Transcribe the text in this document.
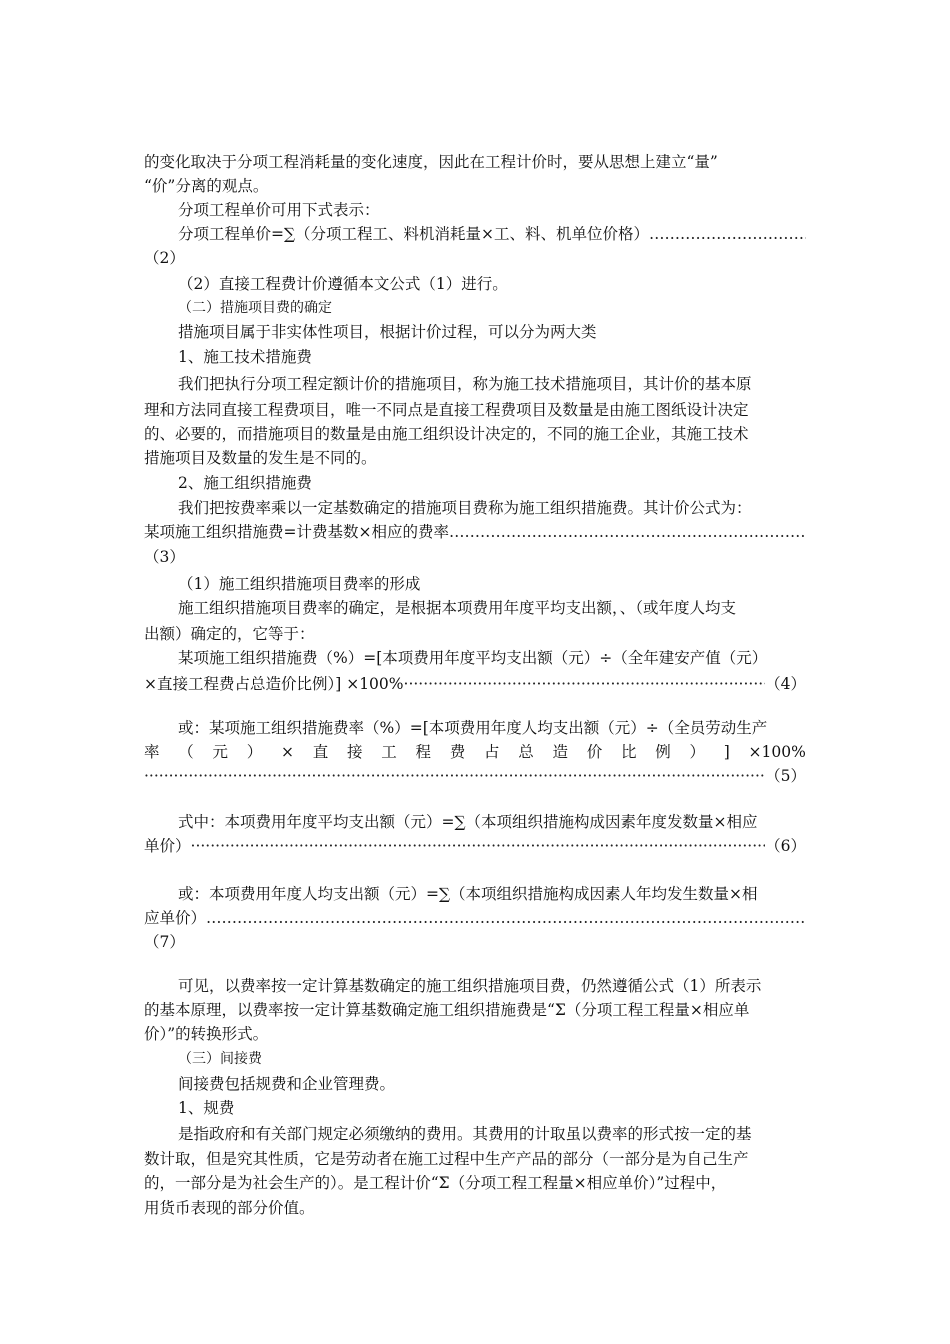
的变化取决于分项工程消耗量的变化速度，因此在工程计价时，要从思想上建立“量”
“价”分离的观点。
分项工程单价可用下式表示：
分项工程单价=∑（分项工程工、料机消耗量×工、料、机单位价格）
……………………………………………………………………………………………………………………………………………………………………………………………………………………
（2）
（2）直接工程费计价遵循本文公式（1）进行。
（二）措施项目费的确定
措施项目属于非实体性项目，根据计价过程，可以分为两大类
1、施工技术措施费
我们把执行分项工程定额计价的措施项目，称为施工技术措施项目，其计价的基本原
理和方法同直接工程费项目，唯一不同点是直接工程费项目及数量是由施工图纸设计决定
的、必要的，而措施项目的数量是由施工组织设计决定的，不同的施工企业，其施工技术
措施项目及数量的发生是不同的。
2、施工组织措施费
我们把按费率乘以一定基数确定的措施项目费称为施工组织措施费。其计价公式为：
某项施工组织措施费=计费基数×相应的费率
……………………………………………………………………………………………………………………………………………………………………………………………………………………
（3）
（1）施工组织措施项目费率的形成
施工组织措施项目费率的确定，是根据本项费用年度平均支出额，、（或年度人均支
出额）确定的，它等于：
某项施工组织措施费（%）=[本项费用年度平均支出额（元）÷（全年建安产值（元）
×直接工程费占总造价比例）] ×100% ·····	（4）
或：某项施工组织措施费率（%）=[本项费用年度人均支出额（元）÷（全员劳动生产
率 （ 元 ） × 直 接 工 程 费 占 总 造 价 比 例 ） ] ×100%
·····
（5）
式中：本项费用年度平均支出额（元）=∑（本项组织措施构成因素年度发数量×相应
单价） ·····	（6）
或：本项费用年度人均支出额（元）=∑（本项组织措施构成因素人年均发生数量×相
应单价）
……………………………………………………………………………………………………………………………………………………………………………………………………………………
（7）
可见，以费率按一定计算基数确定的施工组织措施项目费，仍然遵循公式（1）所表示
的基本原理，以费率按一定计算基数确定施工组织措施费是“Σ（分项工程工程量×相应单
价）”的转换形式。
（三）间接费
间接费包括规费和企业管理费。
1、规费
是指政府和有关部门规定必须缴纳的费用。其费用的计取虽以费率的形式按一定的基
数计取，但是究其性质，它是劳动者在施工过程中生产产品的部分（一部分是为自己生产
的，一部分是为社会生产的）。是工程计价“Σ（分项工程工程量×相应单价）”过程中，
用货币表现的部分价值。
